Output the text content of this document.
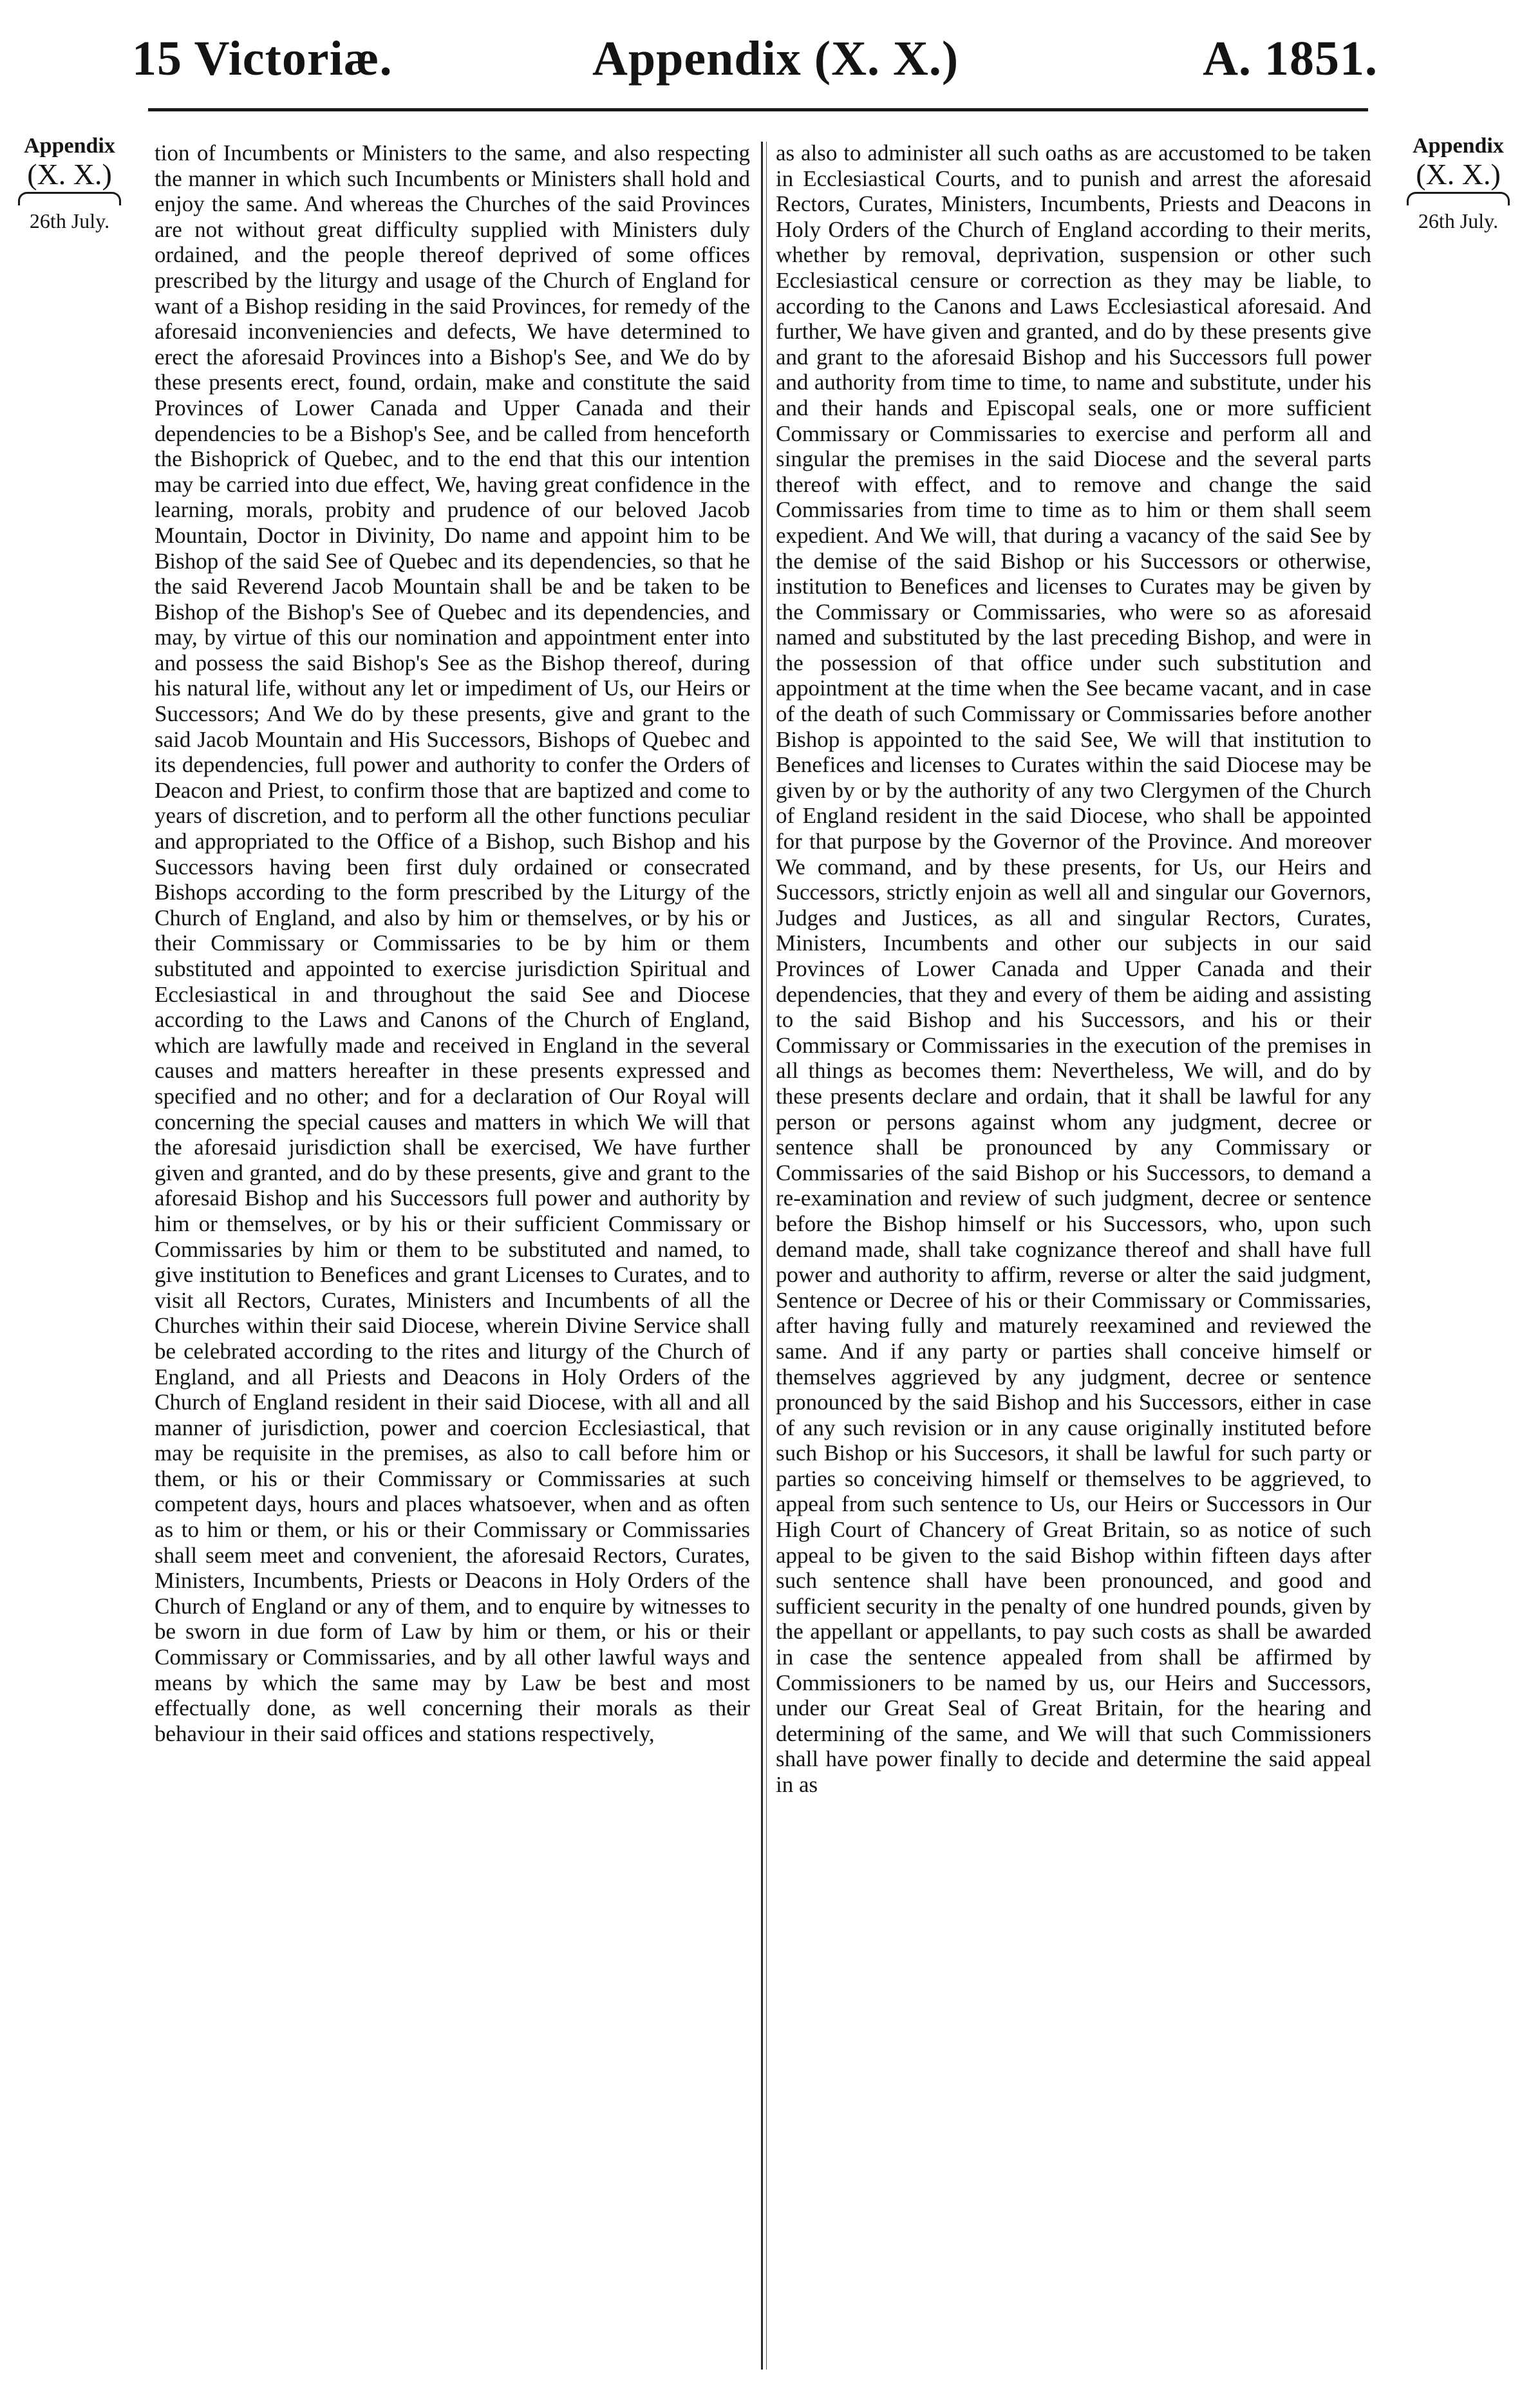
15 Victoriæ.	Appendix (X. X.)	A. 1851.
Appendix
(X. X.)
26th July.
Appendix
(X. X.)
26th July.
tion of Incumbents or Ministers to the same, and also respecting the manner in which such Incumbents or Ministers shall hold and enjoy the same. And whereas the Churches of the said Provinces are not without great difficulty supplied with Ministers duly ordained, and the people thereof deprived of some offices prescribed by the liturgy and usage of the Church of England for want of a Bishop residing in the said Provinces, for remedy of the aforesaid inconveniencies and defects, We have determined to erect the aforesaid Provinces into a Bishop's See, and We do by these presents erect, found, ordain, make and constitute the said Provinces of Lower Canada and Upper Canada and their dependencies to be a Bishop's See, and be called from henceforth the Bishoprick of Quebec, and to the end that this our intention may be carried into due effect, We, having great confidence in the learning, morals, probity and prudence of our beloved Jacob Mountain, Doctor in Divinity, Do name and appoint him to be Bishop of the said See of Quebec and its dependencies, so that he the said Reverend Jacob Mountain shall be and be taken to be Bishop of the Bishop's See of Quebec and its dependencies, and may, by virtue of this our nomination and appointment enter into and possess the said Bishop's See as the Bishop thereof, during his natural life, without any let or impediment of Us, our Heirs or Successors; And We do by these presents, give and grant to the said Jacob Mountain and His Successors, Bishops of Quebec and its dependencies, full power and authority to confer the Orders of Deacon and Priest, to confirm those that are baptized and come to years of discretion, and to perform all the other functions peculiar and appropriated to the Office of a Bishop, such Bishop and his Successors having been first duly ordained or consecrated Bishops according to the form prescribed by the Liturgy of the Church of England, and also by him or themselves, or by his or their Commissary or Commissaries to be by him or them substituted and appointed to exercise jurisdiction Spiritual and Ecclesiastical in and throughout the said See and Diocese according to the Laws and Canons of the Church of England, which are lawfully made and received in England in the several causes and matters hereafter in these presents expressed and specified and no other; and for a declaration of Our Royal will concerning the special causes and matters in which We will that the aforesaid jurisdiction shall be exercised, We have further given and granted, and do by these presents, give and grant to the aforesaid Bishop and his Successors full power and authority by him or themselves, or by his or their sufficient Commissary or Commissaries by him or them to be substituted and named, to give institution to Benefices and grant Licenses to Curates, and to visit all Rectors, Curates, Ministers and Incumbents of all the Churches within their said Diocese, wherein Divine Service shall be celebrated according to the rites and liturgy of the Church of England, and all Priests and Deacons in Holy Orders of the Church of England resident in their said Diocese, with all and all manner of jurisdiction, power and coercion Ecclesiastical, that may be requisite in the premises, as also to call before him or them, or his or their Commissary or Commissaries at such competent days, hours and places whatsoever, when and as often as to him or them, or his or their Commissary or Commissaries shall seem meet and convenient, the aforesaid Rectors, Curates, Ministers, Incumbents, Priests or Deacons in Holy Orders of the Church of England or any of them, and to enquire by witnesses to be sworn in due form of Law by him or them, or his or their Commissary or Commissaries, and by all other lawful ways and means by which the same may by Law be best and most effectually done, as well concerning their morals as their behaviour in their said offices and stations respectively,
as also to administer all such oaths as are accustomed to be taken in Ecclesiastical Courts, and to punish and arrest the aforesaid Rectors, Curates, Ministers, Incumbents, Priests and Deacons in Holy Orders of the Church of England according to their merits, whether by removal, deprivation, suspension or other such Ecclesiastical censure or correction as they may be liable, to according to the Canons and Laws Ecclesiastical aforesaid. And further, We have given and granted, and do by these presents give and grant to the aforesaid Bishop and his Successors full power and authority from time to time, to name and substitute, under his and their hands and Episcopal seals, one or more sufficient Commissary or Commissaries to exercise and perform all and singular the premises in the said Diocese and the several parts thereof with effect, and to remove and change the said Commissaries from time to time as to him or them shall seem expedient. And We will, that during a vacancy of the said See by the demise of the said Bishop or his Successors or otherwise, institution to Benefices and licenses to Curates may be given by the Commissary or Commissaries, who were so as aforesaid named and substituted by the last preceding Bishop, and were in the possession of that office under such substitution and appointment at the time when the See became vacant, and in case of the death of such Commissary or Commissaries before another Bishop is appointed to the said See, We will that institution to Benefices and licenses to Curates within the said Diocese may be given by or by the authority of any two Clergymen of the Church of England resident in the said Diocese, who shall be appointed for that purpose by the Governor of the Province. And moreover We command, and by these presents, for Us, our Heirs and Successors, strictly enjoin as well all and singular our Governors, Judges and Justices, as all and singular Rectors, Curates, Ministers, Incumbents and other our subjects in our said Provinces of Lower Canada and Upper Canada and their dependencies, that they and every of them be aiding and assisting to the said Bishop and his Successors, and his or their Commissary or Commissaries in the execution of the premises in all things as becomes them: Nevertheless, We will, and do by these presents declare and ordain, that it shall be lawful for any person or persons against whom any judgment, decree or sentence shall be pronounced by any Commissary or Commissaries of the said Bishop or his Successors, to demand a re-examination and review of such judgment, decree or sentence before the Bishop himself or his Successors, who, upon such demand made, shall take cognizance thereof and shall have full power and authority to affirm, reverse or alter the said judgment, Sentence or Decree of his or their Commissary or Commissaries, after having fully and maturely reexamined and reviewed the same. And if any party or parties shall conceive himself or themselves aggrieved by any judgment, decree or sentence pronounced by the said Bishop and his Successors, either in case of any such revision or in any cause originally instituted before such Bishop or his Succesors, it shall be lawful for such party or parties so conceiving himself or themselves to be aggrieved, to appeal from such sentence to Us, our Heirs or Successors in Our High Court of Chancery of Great Britain, so as notice of such appeal to be given to the said Bishop within fifteen days after such sentence shall have been pronounced, and good and sufficient security in the penalty of one hundred pounds, given by the appellant or appellants, to pay such costs as shall be awarded in case the sentence appealed from shall be affirmed by Commissioners to be named by us, our Heirs and Successors, under our Great Seal of Great Britain, for the hearing and determining of the same, and We will that such Commissioners shall have power finally to decide and determine the said appeal in as
